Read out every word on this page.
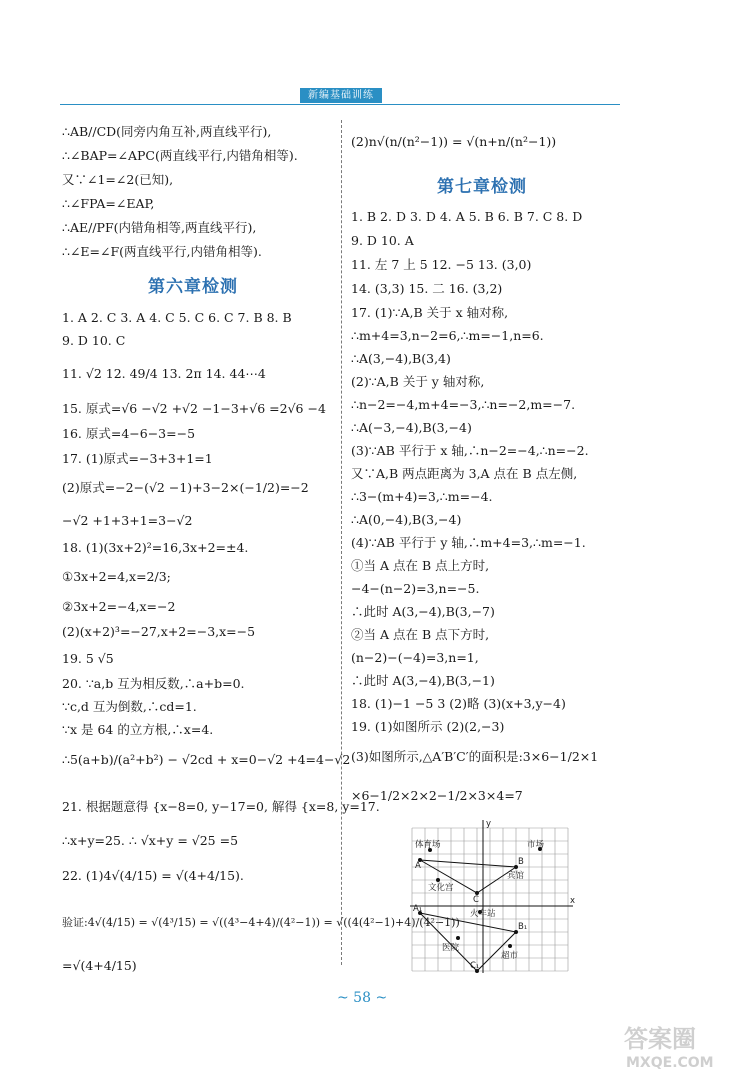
新编基础训练
∴AB//CD(同旁内角互补,两直线平行),
∴∠BAP=∠APC(两直线平行,内错角相等).
又∵∠1=∠2(已知),
∴∠FPA=∠EAP,
∴AE//PF(内错角相等,两直线平行),
∴∠E=∠F(两直线平行,内错角相等).
第六章检测
1. A 2. C 3. A 4. C 5. C 6. C 7. B 8. B
9. D 10. C
11. √2 12. 49/4 13. 2π 14. 44⋯4
15. 原式=√6 −√2 +√2 −1−3+√6 =2√6 −4
16. 原式=4−6−3=−5
17. (1)原式=−3+3+1=1
(2)原式=−2−(√2 −1)+3−2×(−1/2)=−2
−√2 +1+3+1=3−√2
18. (1)(3x+2)²=16,3x+2=±4.
①3x+2=4,x=2/3;
②3x+2=−4,x=−2
(2)(x+2)³=−27,x+2=−3,x=−5
19. 5 √5
20. ∵a,b 互为相反数,∴a+b=0.
∵c,d 互为倒数,∴cd=1.
∵x 是 64 的立方根,∴x=4.
∴5(a+b)/(a²+b²) − √2cd + x=0−√2 +4=4−√2
21. 根据题意得 {x−8=0, y−17=0, 解得 {x=8, y=17.
∴x+y=25. ∴ √x+y = √25 =5
22. (1)4√(4/15) = √(4+4/15).
验证:4√(4/15) = √(4³/15) = √((4³−4+4)/(4²−1)) = √((4(4²−1)+4)/(4²−1))
=√(4+4/15)
(2)n√(n/(n²−1)) = √(n+n/(n²−1))
第七章检测
1. B 2. D 3. D 4. A 5. B 6. B 7. C 8. D
9. D 10. A
11. 左 7 上 5 12. −5 13. (3,0)
14. (3,3) 15. 二 16. (3,2)
17. (1)∵A,B 关于 x 轴对称,
∴m+4=3,n−2=6,∴m=−1,n=6.
∴A(3,−4),B(3,4)
(2)∵A,B 关于 y 轴对称,
∴n−2=−4,m+4=−3,∴n=−2,m=−7.
∴A(−3,−4),B(3,−4)
(3)∵AB 平行于 x 轴,∴n−2=−4,∴n=−2.
又∵A,B 两点距离为 3,A 点在 B 点左侧,
∴3−(m+4)=3,∴m=−4.
∴A(0,−4),B(3,−4)
(4)∵AB 平行于 y 轴,∴m+4=3,∴m=−1.
①当 A 点在 B 点上方时,
−4−(n−2)=3,n=−5.
∴此时 A(3,−4),B(3,−7)
②当 A 点在 B 点下方时,
(n−2)−(−4)=3,n=1,
∴此时 A(3,−4),B(3,−1)
18. (1)−1 −5 3 (2)略 (3)(x+3,y−4)
19. (1)如图所示 (2)(2,−3)
(3)如图所示,△A′B′C′的面积是:3×6−1/2×1
×6−1/2×2×2−1/2×3×4=7
体育场	市场
宾馆
文化宫
火车站
医院
超市
x
y
A	B
C
A₁
B₁
C₁
~ 58 ~
答案圈
MXQE.COM
